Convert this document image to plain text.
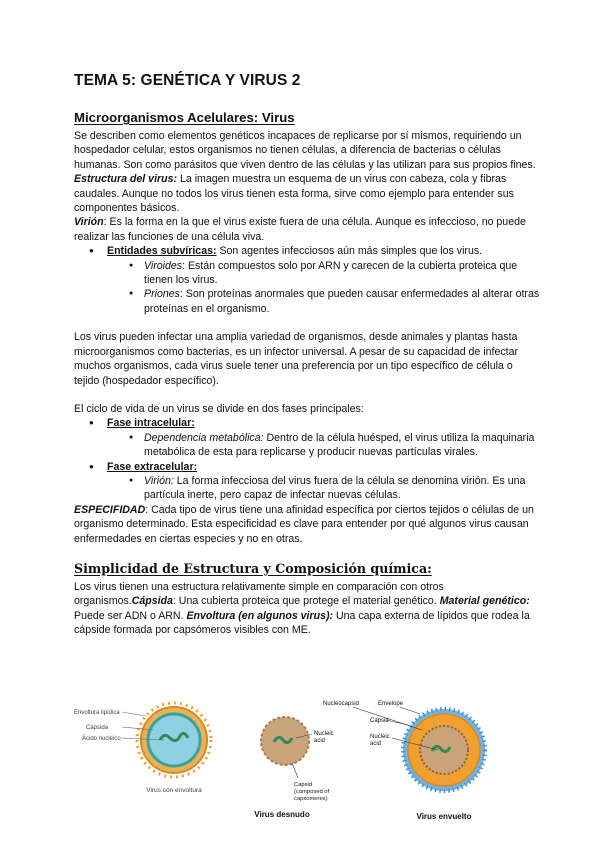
TEMA 5: GENÉTICA Y VIRUS 2
Microorganismos Acelulares: Virus

Se describen como elementos genéticos incapaces de replicarse por sí mismos, requiriendo un hospedador celular, estos organismos no tienen células, a diferencia de bacterias o células humanas. Son como parásitos que viven dentro de las células y las utilizan para sus propios fines.

Estructura del virus: La imagen muestra un esquema de un virus con cabeza, cola y fibras caudales. Aunque no todos los virus tienen esta forma, sirve como ejemplo para entender sus componentes básicos.

Virión: Es la forma en la que el virus existe fuera de una célula. Aunque es infeccioso, no puede realizar las funciones de una célula viva.

● Entidades subvíricas: Son agentes infecciosos aún más simples que los virus.
● Viroides: Están compuestos solo por ARN y carecen de la cubierta proteica que tienen los virus.
● Priones: Son proteínas anormales que pueden causar enfermedades al alterar otras proteínas en el organismo.

Los virus pueden infectar una amplia variedad de organismos, desde animales y plantas hasta microorganismos como bacterias, es un infector universal. A pesar de su capacidad de infectar muchos organismos, cada virus suele tener una preferencia por un tipo específico de célula o tejido (hospedador específico).

El ciclo de vida de un virus se divide en dos fases principales:

● Fase intracelular:
● Dependencia metabólica: Dentro de la célula huésped, el virus utiliza la maquinaria metabólica de esta para replicarse y producir nuevas partículas virales.
● Fase extracelular:
● Virión: La forma infecciosa del virus fuera de la célula se denomina virión. Es una partícula inerte, pero capaz de infectar nuevas células.

ESPECIFIDAD: Cada tipo de virus tiene una afinidad específica por ciertos tejidos o células de un organismo determinado. Esta especificidad es clave para entender por qué algunos virus causan enfermedades en ciertas especies y no en otras.

Simplicidad de Estructura y Composición química:

Los virus tienen una estructura relativamente simple en comparación con otros organismos.Cápsida: Una cubierta proteica que protege el material genético. Material genético: Puede ser ADN o ARN. Envoltura (en algunos virus): Una capa externa de lípidos que rodea la cápside formada por capsómeros visibles con ME.

Envoltura lipídica
Cápsida
Ácido nucleico
Virus con envoltura
Nucleic
acid
Capsid
(composed of
capsomeres)
Virus desnudo
Nucleocapsid	Envelope
Capsid
Nucleic
acid
Virus envuelto
